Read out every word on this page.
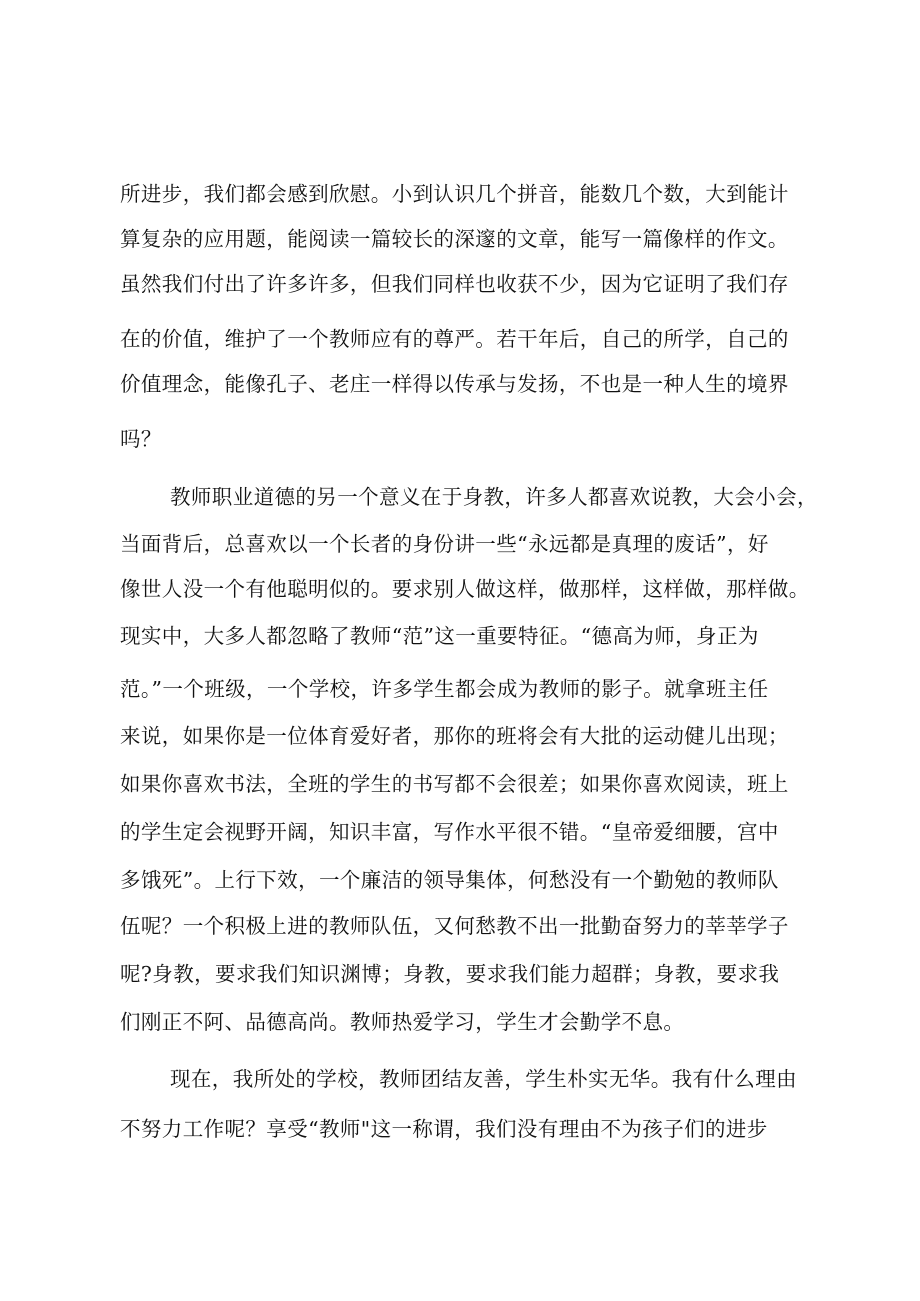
所进步，我们都会感到欣慰。小到认识几个拼音，能数几个数，大到能计
算复杂的应用题，能阅读一篇较长的深邃的文章，能写一篇像样的作文。
虽然我们付出了许多许多，但我们同样也收获不少，因为它证明了我们存
在的价值，维护了一个教师应有的尊严。若干年后，自己的所学，自己的
价值理念，能像孔子、老庄一样得以传承与发扬，不也是一种人生的境界
吗？
教师职业道德的另一个意义在于身教，许多人都喜欢说教，大会小会，
当面背后，总喜欢以一个长者的身份讲一些“永远都是真理的废话”，好
像世人没一个有他聪明似的。要求别人做这样，做那样，这样做，那样做。
现实中，大多人都忽略了教师“范”这一重要特征。“德高为师，身正为
范。”一个班级，一个学校，许多学生都会成为教师的影子。就拿班主任
来说，如果你是一位体育爱好者，那你的班将会有大批的运动健儿出现；
如果你喜欢书法，全班的学生的书写都不会很差；如果你喜欢阅读，班上
的学生定会视野开阔，知识丰富，写作水平很不错。“皇帝爱细腰，宫中
多饿死”。上行下效，一个廉洁的领导集体，何愁没有一个勤勉的教师队
伍呢？一个积极上进的教师队伍，又何愁教不出一批勤奋努力的莘莘学子
呢?身教，要求我们知识渊博；身教，要求我们能力超群；身教，要求我
们刚正不阿、品德高尚。教师热爱学习，学生才会勤学不息。
现在，我所处的学校，教师团结友善，学生朴实无华。我有什么理由
不努力工作呢？享受“教师"这一称谓，我们没有理由不为孩子们的进步
